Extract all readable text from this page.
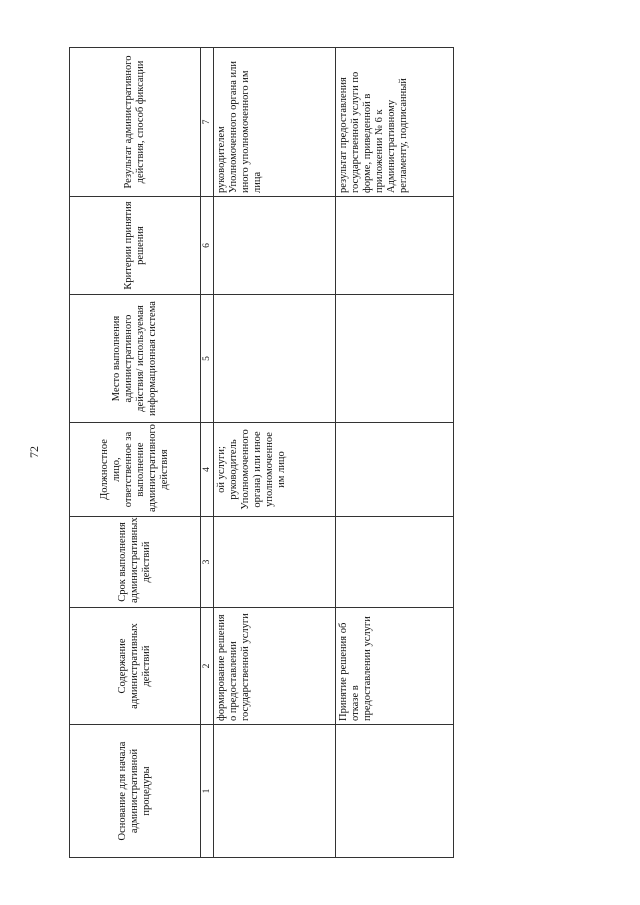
72
Основание для начала административной процедуры	Содержание административных действий	Срок выполнения административных действий	Должностное лицо, ответственное за выполнение административного действия	Место выполнения административного действия/ используемая информационная система	Критерии принятия решения	Результат административного действия, способ фиксации
1	2	3	4	5	6	7
	формирование решения о предоставлении государственной услуги		ой услуги; руководитель Уполномоченного органа) или иное уполномоченное им лицо			руководителем Уполномоченного органа или иного уполномоченного им лица
	Принятие решения об отказе в предоставлении услуги					результат предоставления государственной услуги по форме, приведенной в приложении № 6 к Административному регламенту, подписанный
